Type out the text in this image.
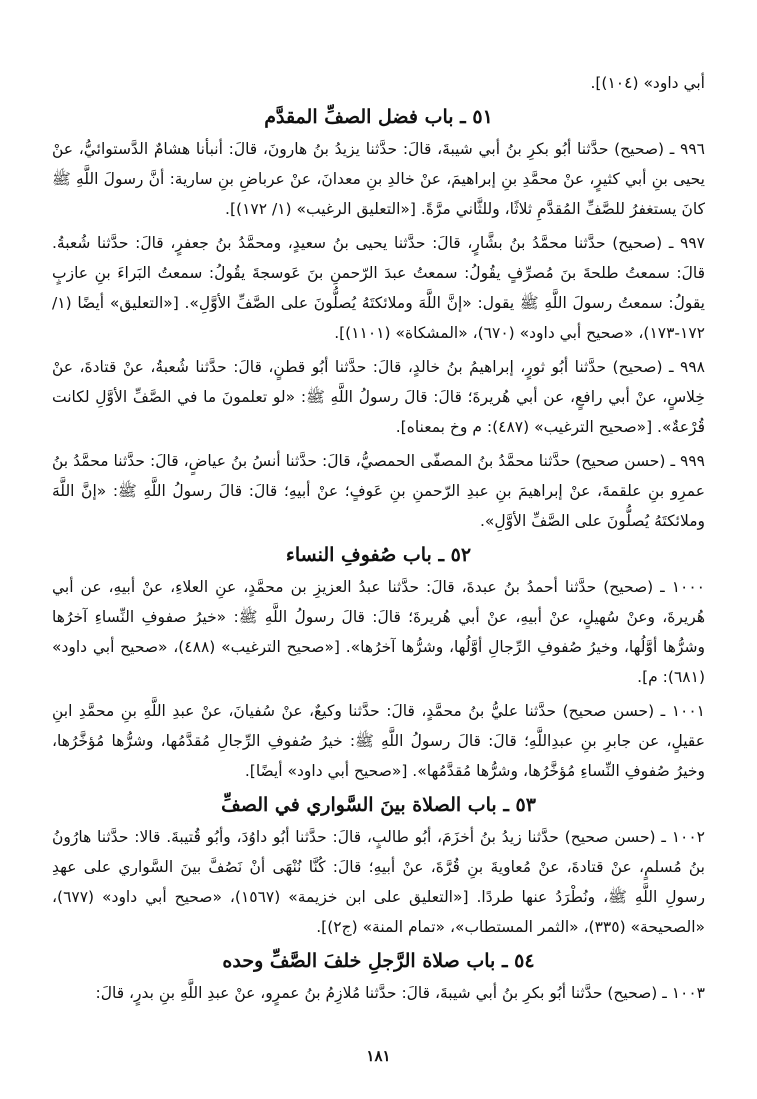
أبي داود» (١٠٤)].
٥١ ـ باب فضل الصفِّ المقدَّم
٩٩٦ ـ (صحيح) حدَّثنا أبُو بكرِ بنُ أبي شيبةَ، قالَ: حدَّثنا يزيدُ بنُ هارونَ، قالَ: أنبأنا هشامٌ الدَّستوائيُّ، عنْ يحيى بنِ أبي كثيرٍ، عنْ محمَّدِ بنِ إبراهيمَ، عنْ خالدِ بنِ معدانَ، عنْ عرباضِ بنِ سارية: أنَّ رسولَ اللَّهِ ﷺ كانَ يستغفرُ للصَّفِّ المُقدَّمِ ثلاثًا، وللثَّاني مرَّةً. [«التعليق الرغيب» (١/ ١٧٢)].
٩٩٧ ـ (صحيح) حدَّثنا محمَّدُ بنُ بشَّارٍ، قالَ: حدَّثنا يحيى بنُ سعيدٍ، ومحمَّدُ بنُ جعفرٍ، قالَ: حدَّثنا شُعبةُ. قالَ: سمعتُ طلحةَ بنَ مُصرِّفٍ يقُولُ: سمعتُ عبدَ الرّحمنِ بنَ عَوسجةَ يقُولُ: سمعتُ البَراءَ بنِ عازبٍ يقولُ: سمعتُ رسولَ اللَّهِ ﷺ يقول: «إنَّ اللَّهَ وملائكتَهُ يُصلُّونَ على الصَّفِّ الأوَّلِ». [«التعليق» أيضًا (١/ ١٧٢-١٧٣)، «صحيح أبي داود» (٦٧٠)، «المشكاة» (١١٠١)].
٩٩٨ ـ (صحيح) حدَّثنا أبُو ثورٍ، إبراهيمُ بنُ خالدٍ، قالَ: حدَّثنا أبُو قطنٍ، قالَ: حدَّثنا شُعبةُ، عنْ قتادةَ، عنْ خِلاسٍ، عنْ أبي رافعٍ، عن أبي هُريرةَ؛ قالَ: قالَ رسولُ اللَّهِ ﷺ: «لو تعلمونَ ما في الصَّفِّ الأوَّلِ لكانت قُرْعةٌ». [«صحيح الترغيب» (٤٨٧): م وخ بمعناه].
٩٩٩ ـ (حسن صحيح) حدَّثنا محمَّدُ بنُ المصفّى الحمصيُّ، قالَ: حدَّثنا أنسُ بنُ عياضٍ، قالَ: حدَّثنا محمَّدُ بنُ عمرِو بنِ علقمةَ، عنْ إبراهيمَ بنِ عبدِ الرّحمنِ بنِ عَوفٍ؛ عنْ أبيهِ؛ قالَ: قالَ رسولُ اللَّهِ ﷺ: «إنَّ اللَّهَ وملائكتَهُ يُصلُّونَ على الصَّفِّ الأوَّلِ».
٥٢ ـ باب صُفوفِ النساء
١٠٠٠ ـ (صحيح) حدَّثنا أحمدُ بنُ عبدةَ، قالَ: حدَّثنا عبدُ العزيزِ بن محمَّدٍ، عنِ العلاءِ، عنْ أبيهِ، عن أبي هُريرةَ، وعنْ سُهيلٍ، عنْ أبيهِ، عنْ أبي هُريرةَ؛ قالَ: قالَ رسولُ اللَّهِ ﷺ: «خيرُ صفوفِ النِّساءِ آخرُها وشرُّها أوَّلُها، وخيرُ صُفوفِ الرِّجالِ أوَّلُها، وشرُّها آخرُها». [«صحيح الترغيب» (٤٨٨)، «صحيح أبي داود» (٦٨١): م].
١٠٠١ ـ (حسن صحيح) حدَّثنا عليُّ بنُ محمَّدٍ، قالَ: حدَّثنا وكيعٌ، عنْ سُفيانَ، عنْ عبدِ اللَّهِ بنِ محمَّدِ ابنِ عقيلٍ، عن جابرِ بنِ عبدِاللَّهِ؛ قالَ: قالَ رسولُ اللَّهِ ﷺ: خيرُ صُفوفِ الرِّجالِ مُقدَّمُها، وشرُّها مُؤخَّرُها، وخيرُ صُفوفِ النِّساءِ مُؤخَّرُها، وشرُّها مُقدَّمُها». [«صحيح أبي داود» أيضًا].
٥٣ ـ باب الصلاة بينَ السَّواري في الصفِّ
١٠٠٢ ـ (حسن صحيح) حدَّثنا زيدُ بنُ أخزَمَ، أبُو طالبٍ، قالَ: حدَّثنا أبُو داوُدَ، وأبُو قُتيبةَ. قالا: حدَّثنا هارُونُ بنُ مُسلمٍ، عنْ قتادةَ، عنْ مُعاويةَ بنِ قُرَّةَ، عنْ أبيهِ؛ قالَ: كُنَّا نُنْهَى أنْ نَصُفَّ بينَ السَّواري على عهدِ رسولِ اللَّهِ ﷺ، ونُطْرَدُ عنها طردًا. [«التعليق على ابن خزيمة» (١٥٦٧)، «صحيح أبي داود» (٦٧٧)، «الصحيحة» (٣٣٥)، «الثمر المستطاب»، «تمام المنة» (ج٢)].
٥٤ ـ باب صلاة الرَّجلِ خلفَ الصَّفِّ وحده
١٠٠٣ ـ (صحيح) حدَّثنا أبُو بكرِ بنُ أبي شيبةَ، قالَ: حدَّثنا مُلازِمُ بنُ عمرٍو، عنْ عبدِ اللَّهِ بنِ بدرٍ، قالَ:
١٨١
